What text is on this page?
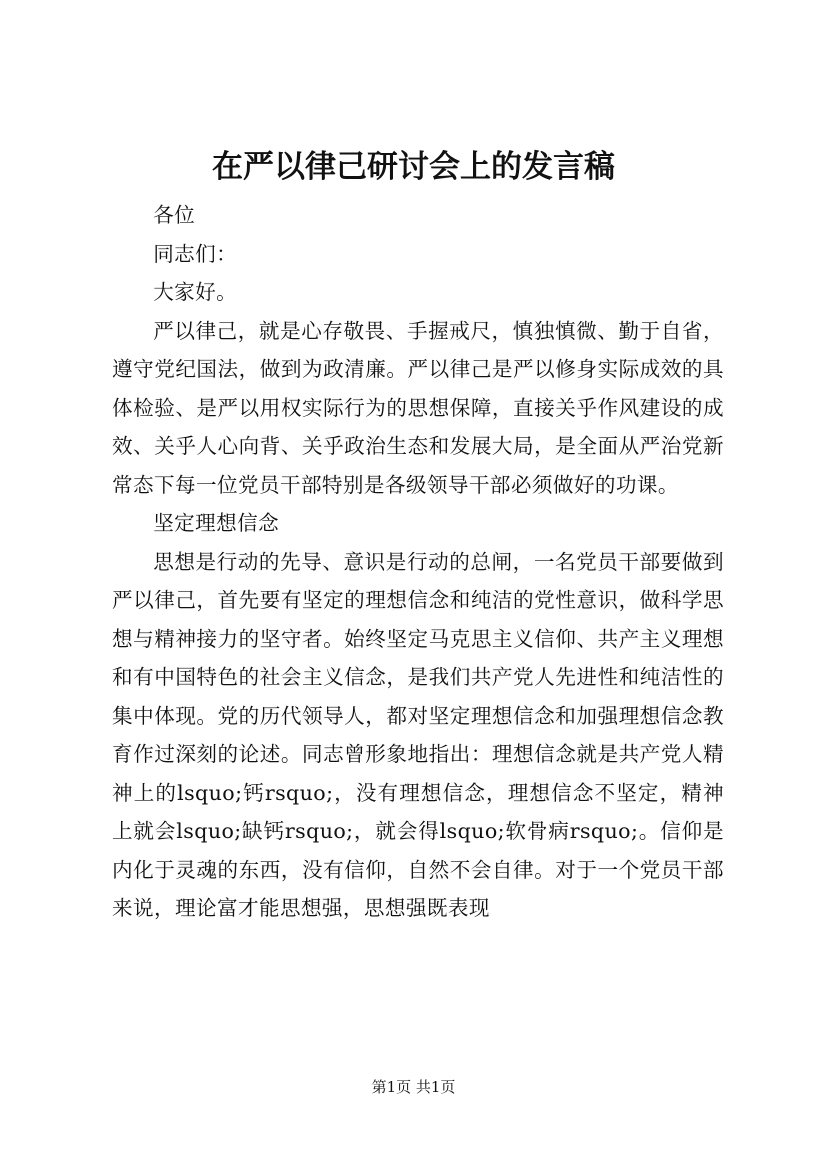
在严以律己研讨会上的发言稿

各位

同志们：

大家好。

严以律己，就是心存敬畏、手握戒尺，慎独慎微、勤于自省，遵守党纪国法，做到为政清廉。严以律己是严以修身实际成效的具体检验、是严以用权实际行为的思想保障，直接关乎作风建设的成效、关乎人心向背、关乎政治生态和发展大局，是全面从严治党新常态下每一位党员干部特别是各级领导干部必须做好的功课。

坚定理想信念

思想是行动的先导、意识是行动的总闸，一名党员干部要做到严以律己，首先要有坚定的理想信念和纯洁的党性意识，做科学思想与精神接力的坚守者。始终坚定马克思主义信仰、共产主义理想和有中国特色的社会主义信念，是我们共产党人先进性和纯洁性的集中体现。党的历代领导人，都对坚定理想信念和加强理想信念教育作过深刻的论述。同志曾形象地指出：理想信念就是共产党人精神上的lsquo;钙rsquo;，没有理想信念，理想信念不坚定，精神上就会lsquo;缺钙rsquo;，就会得lsquo;软骨病rsquo;。信仰是内化于灵魂的东西，没有信仰，自然不会自律。对于一个党员干部来说，理论富才能思想强，思想强既表现

第1页 共1页
